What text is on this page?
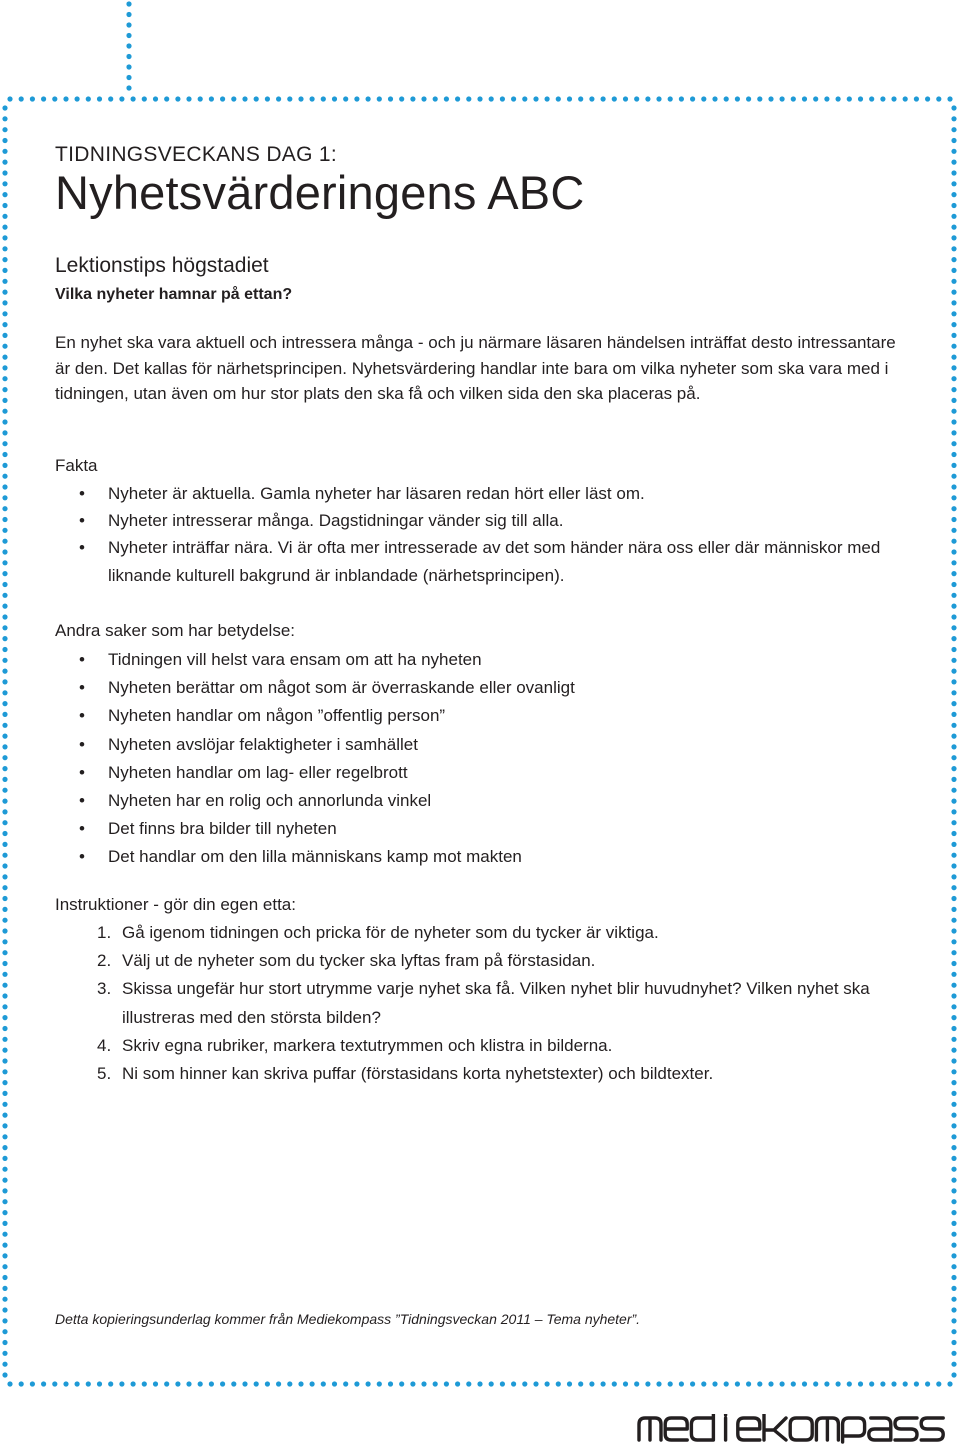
TIDNINGSVECKANS DAG 1:
Nyhetsvärderingens ABC
Lektionstips högstadiet
Vilka nyheter hamnar på ettan?
En nyhet ska vara aktuell och intressera många - och ju närmare läsaren händelsen inträffat desto intressantare är den. Det kallas för närhetsprincipen. Nyhetsvärdering handlar inte bara om vilka nyheter som ska vara med i tidningen, utan även om hur stor plats den ska få och vilken sida den ska placeras på.
Fakta
• Nyheter är aktuella. Gamla nyheter har läsaren redan hört eller läst om.
• Nyheter intresserar många. Dagstidningar vänder sig till alla.
• Nyheter inträffar nära. Vi är ofta mer intresserade av det som händer nära oss eller där människor med liknande kulturell bakgrund är inblandade (närhetsprincipen).
Andra saker som har betydelse:
• Tidningen vill helst vara ensam om att ha nyheten
• Nyheten berättar om något som är överraskande eller ovanligt
• Nyheten handlar om någon ”offentlig person”
• Nyheten avslöjar felaktigheter i samhället
• Nyheten handlar om lag- eller regelbrott
• Nyheten har en rolig och annorlunda vinkel
• Det finns bra bilder till nyheten
• Det handlar om den lilla människans kamp mot makten
Instruktioner - gör din egen etta:
1. Gå igenom tidningen och pricka för de nyheter som du tycker är viktiga.
2. Välj ut de nyheter som du tycker ska lyftas fram på förstasidan.
3. Skissa ungefär hur stort utrymme varje nyhet ska få. Vilken nyhet blir huvudnyhet? Vilken nyhet ska illustreras med den största bilden?
4. Skriv egna rubriker, markera textutrymmen och klistra in bilderna.
5. Ni som hinner kan skriva puffar (förstasidans korta nyhetstexter) och bildtexter.
Detta kopieringsunderlag kommer från Mediekompass ”Tidningsveckan 2011 – Tema nyheter”.
